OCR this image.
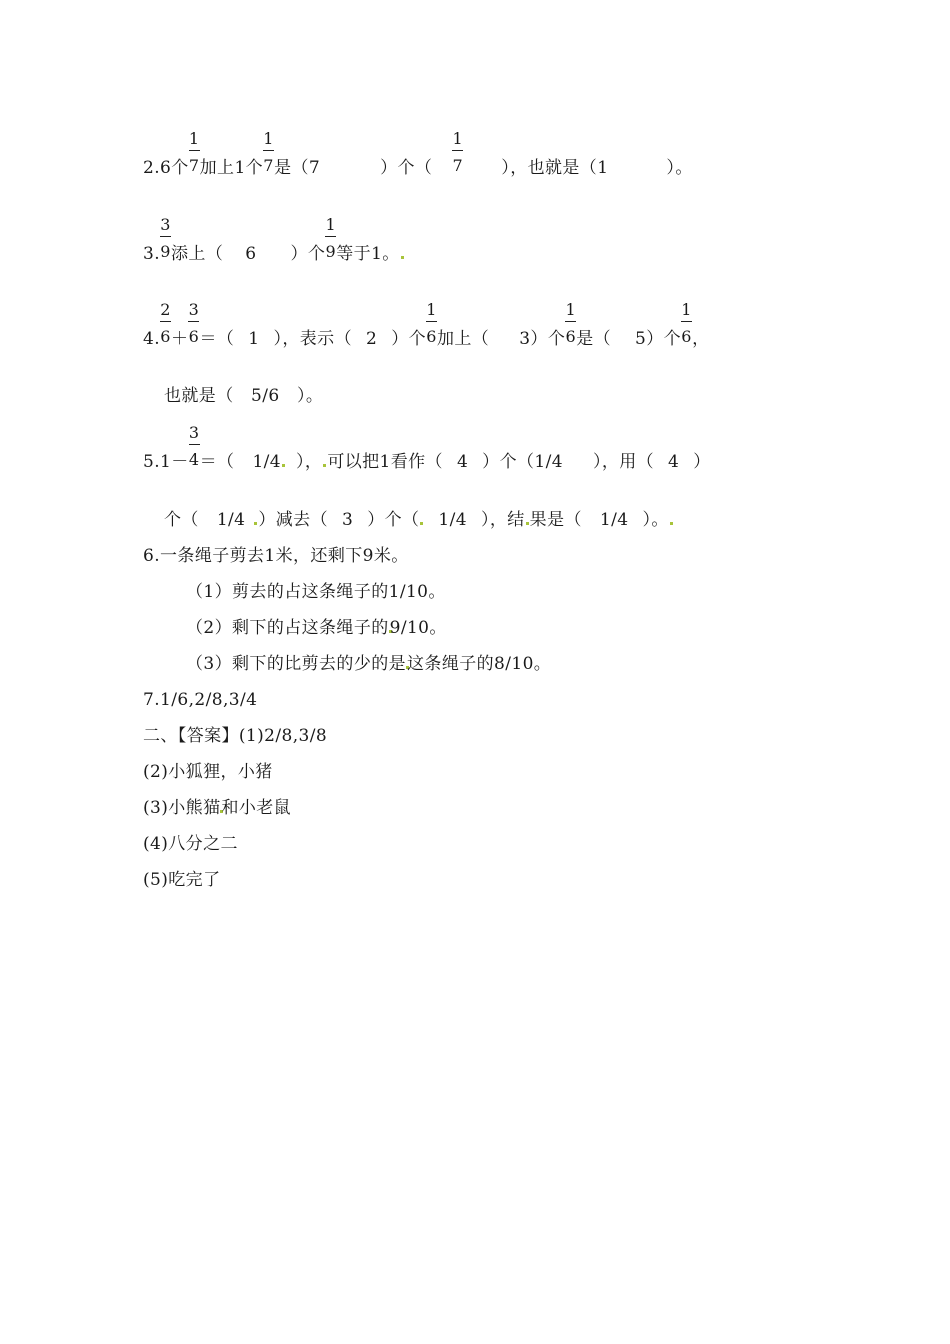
2.6个 $\frac{1}{7}$ 加上1个 $\frac{1}{7}$ 是（7	）个（ $\frac{1}{7}$ ），也就是（1	）。
3. $\frac{3}{9}$ 添上（ 6 ）个 $\frac{1}{9}$ 等于1。
4. $\frac{2}{6} + \frac{3}{6}$ ＝（ 1 ），表示（ 2 ）个 $\frac{1}{6}$ 加上（ 3）个 $\frac{1}{6}$ 是（ 5）个 $\frac{1}{6}$ ，
也就是（　5/6　）。
$5.1- \frac{3}{4}$ ＝（ 1/4 ）， 可以把1看作（ 4 ）个（1/4 ），用（ 4 ）
个（ 1/4 ）减去（ 3 ）个（ 1/4 ），结 果是（ 1/4 ）。
6.一条绳子剪去1米，还剩下9米。
（1）剪去的占这条绳子的1/10。
（2）剩下的占这条绳子的9/10。
（3）剩下的比剪去的少的是这条绳子的8/10。
7.1/6,2/8,3/4
二、【答案】(1)2/8,3/8
(2)小狐狸，小猪
(3)小熊猫和小老鼠
(4)八分之二
(5)吃完了
